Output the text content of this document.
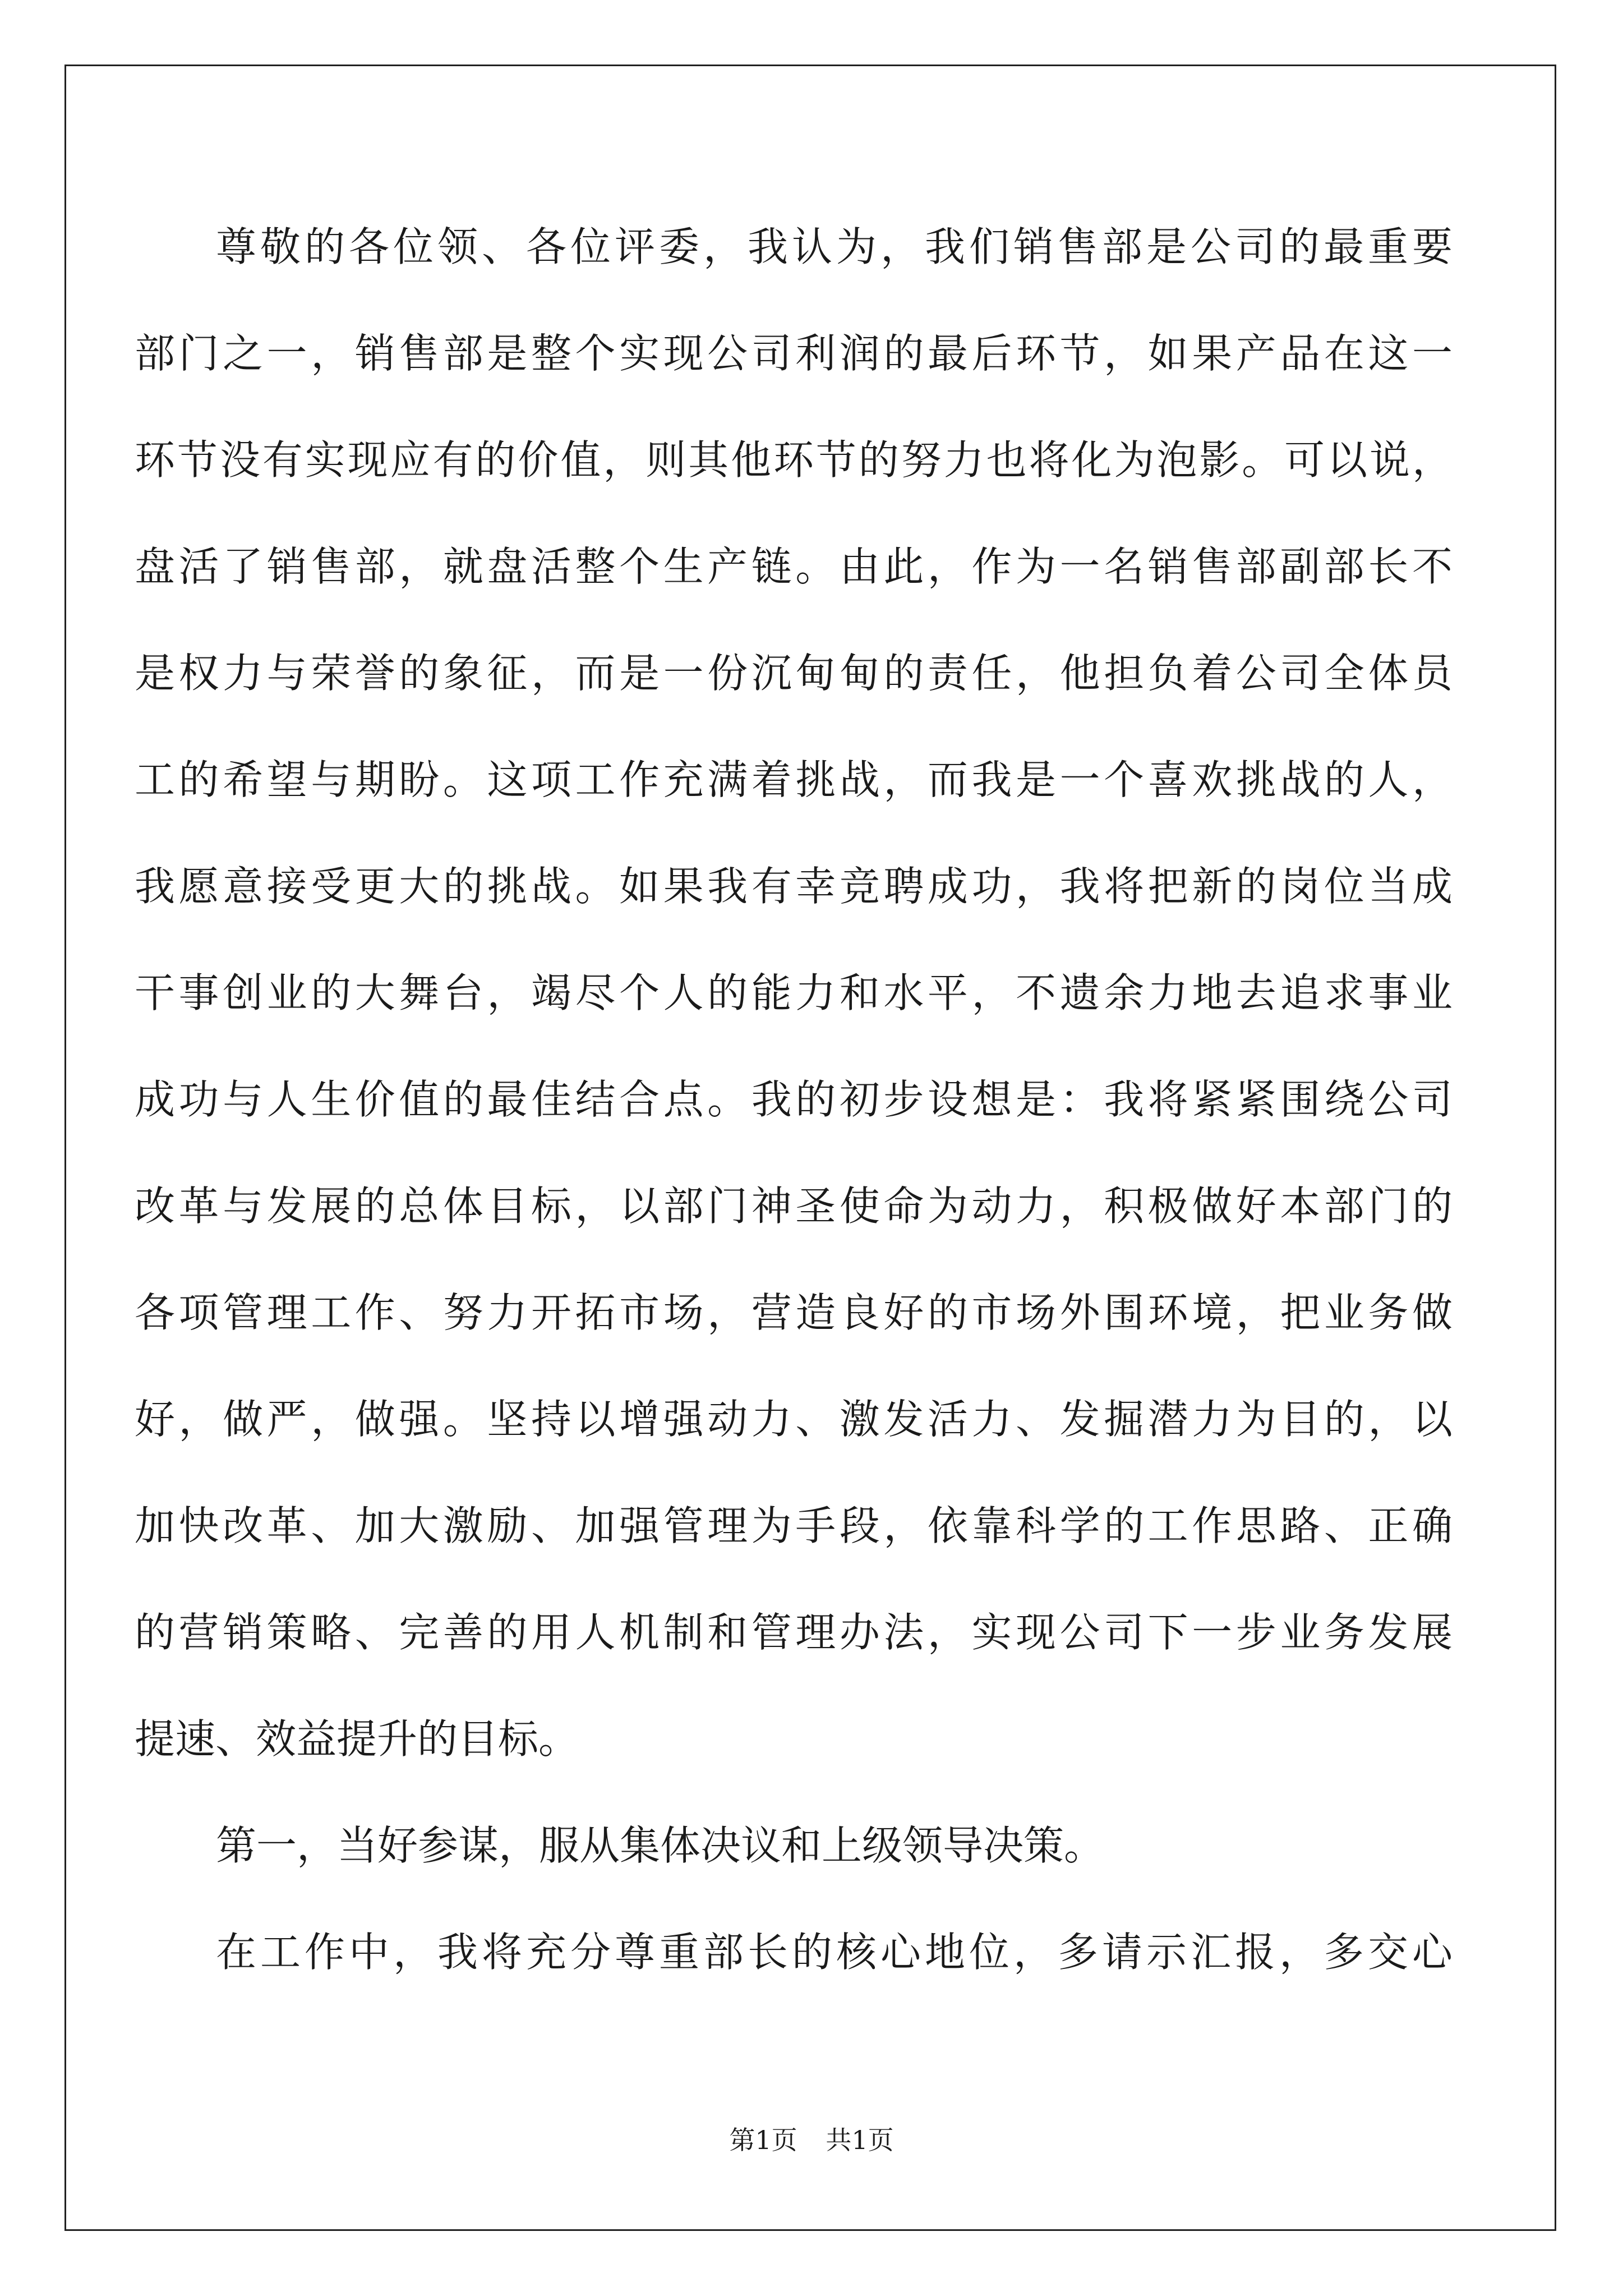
尊敬的各位领、各位评委，我认为，我们销售部是公司的最重要
部门之一，销售部是整个实现公司利润的最后环节，如果产品在这一
环节没有实现应有的价值，则其他环节的努力也将化为泡影。可以说，
盘活了销售部，就盘活整个生产链。由此，作为一名销售部副部长不
是权力与荣誉的象征，而是一份沉甸甸的责任，他担负着公司全体员
工的希望与期盼。这项工作充满着挑战，而我是一个喜欢挑战的人，
我愿意接受更大的挑战。如果我有幸竞聘成功，我将把新的岗位当成
干事创业的大舞台，竭尽个人的能力和水平，不遗余力地去追求事业
成功与人生价值的最佳结合点。我的初步设想是：我将紧紧围绕公司
改革与发展的总体目标，以部门神圣使命为动力，积极做好本部门的
各项管理工作、努力开拓市场，营造良好的市场外围环境，把业务做
好，做严，做强。坚持以增强动力、激发活力、发掘潜力为目的，以
加快改革、加大激励、加强管理为手段，依靠科学的工作思路、正确
的营销策略、完善的用人机制和管理办法，实现公司下一步业务发展
提速、效益提升的目标。
第一，当好参谋，服从集体决议和上级领导决策。
在工作中，我将充分尊重部长的核心地位，多请示汇报，多交心
第1页 共1页
